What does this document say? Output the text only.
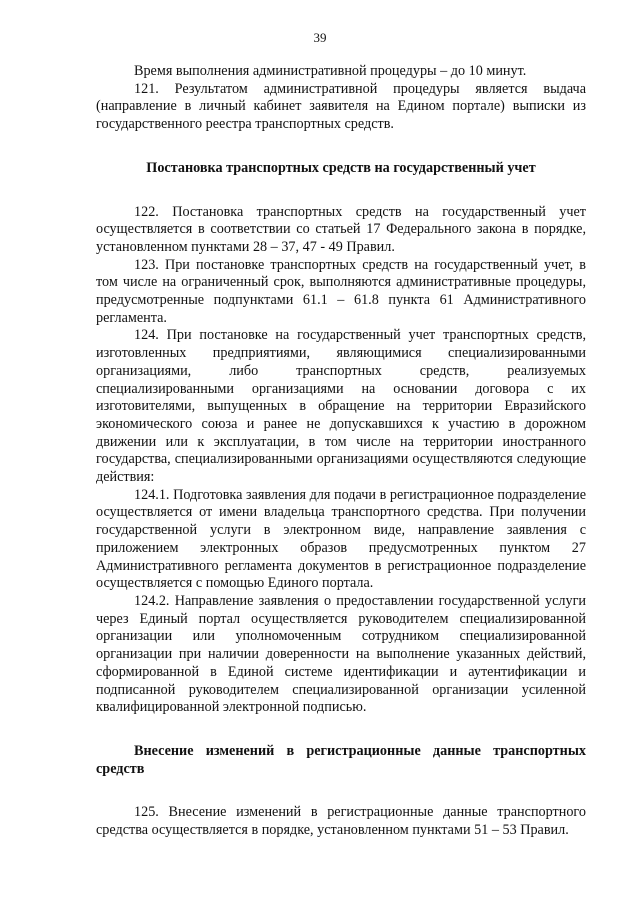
39

Время выполнения административной процедуры – до 10 минут.

121. Результатом административной процедуры является выдача (направление в личный кабинет заявителя на Едином портале) выписки из государственного реестра транспортных средств.

Постановка транспортных средств на государственный учет

122. Постановка транспортных средств на государственный учет осуществляется в соответствии со статьей 17 Федерального закона в порядке, установленном пунктами 28 – 37, 47 - 49 Правил.

123. При постановке транспортных средств на государственный учет, в том числе на ограниченный срок, выполняются административные процедуры, предусмотренные подпунктами 61.1 – 61.8 пункта 61 Административного регламента.

124. При постановке на государственный учет транспортных средств, изготовленных предприятиями, являющимися специализированными организациями, либо транспортных средств, реализуемых специализированными организациями на основании договора с их изготовителями, выпущенных в обращение на территории Евразийского экономического союза и ранее не допускавшихся к участию в дорожном движении или к эксплуатации, в том числе на территории иностранного государства, специализированными организациями осуществляются следующие действия:

124.1. Подготовка заявления для подачи в регистрационное подразделение осуществляется от имени владельца транспортного средства. При получении государственной услуги в электронном виде, направление заявления с приложением электронных образов предусмотренных пунктом 27 Административного регламента документов в регистрационное подразделение осуществляется с помощью Единого портала.

124.2. Направление заявления о предоставлении государственной услуги через Единый портал осуществляется руководителем специализированной организации или уполномоченным сотрудником специализированной организации при наличии доверенности на выполнение указанных действий, сформированной в Единой системе идентификации и аутентификации и подписанной руководителем специализированной организации усиленной квалифицированной электронной подписью.

Внесение изменений в регистрационные данные транспортных средств

125. Внесение изменений в регистрационные данные транспортного средства осуществляется в порядке, установленном пунктами 51 – 53 Правил.
